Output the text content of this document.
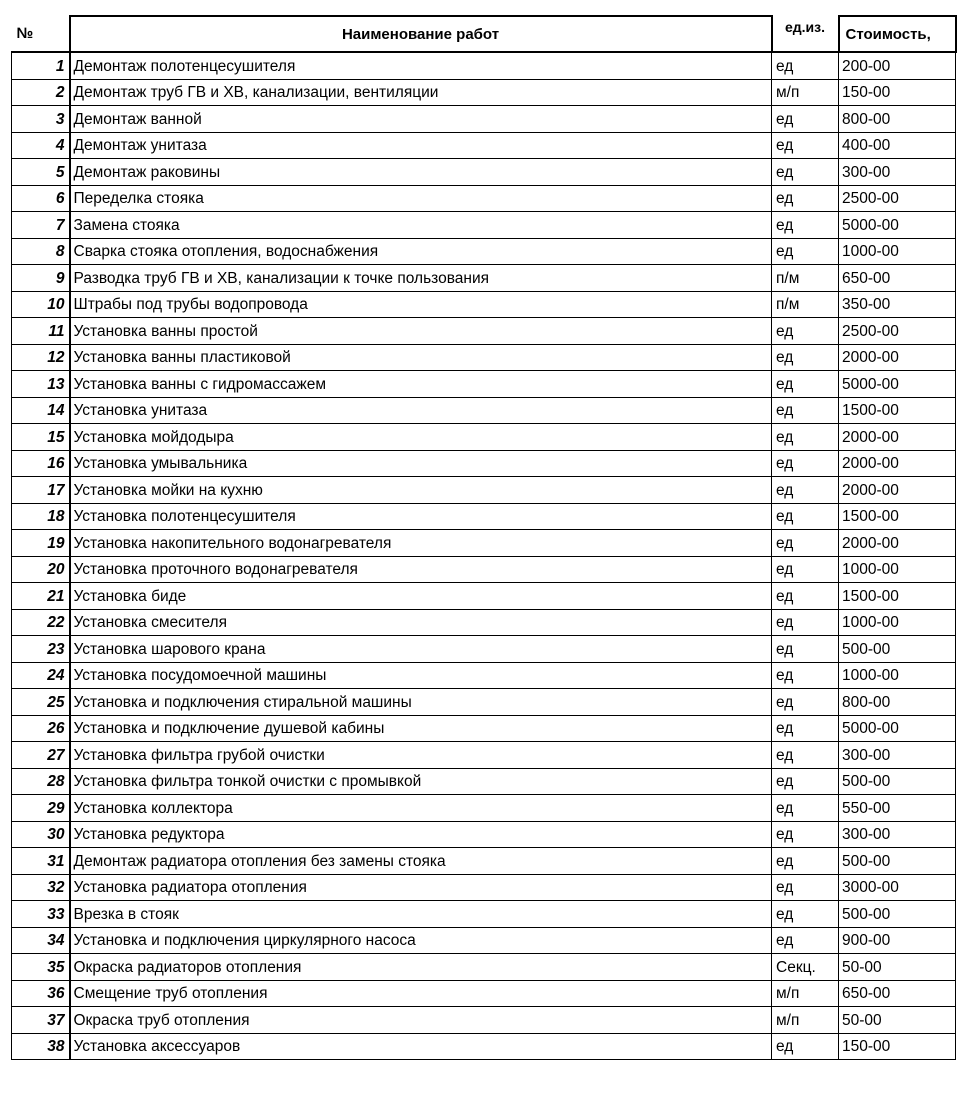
№	Наименование работ	ед.из.	Стоимость,
1	Демонтаж полотенцесушителя	ед	200-00
2	Демонтаж труб ГВ и ХВ, канализации, вентиляции	м/п	150-00
3	Демонтаж ванной	ед	800-00
4	Демонтаж унитаза	ед	400-00
5	Демонтаж раковины	ед	300-00
6	Переделка стояка	ед	2500-00
7	Замена стояка	ед	5000-00
8	Сварка стояка отопления, водоснабжения	ед	1000-00
9	Разводка труб ГВ и ХВ, канализации к точке пользования	п/м	650-00
10	Штрабы под трубы водопровода	п/м	350-00
11	Установка ванны простой	ед	2500-00
12	Установка ванны пластиковой	ед	2000-00
13	Установка ванны с гидромассажем	ед	5000-00
14	Установка унитаза	ед	1500-00
15	Установка мойдодыра	ед	2000-00
16	Установка умывальника	ед	2000-00
17	Установка мойки на кухню	ед	2000-00
18	Установка полотенцесушителя	ед	1500-00
19	Установка накопительного водонагревателя	ед	2000-00
20	Установка проточного водонагревателя	ед	1000-00
21	Установка биде	ед	1500-00
22	Установка смесителя	ед	1000-00
23	Установка шарового крана	ед	500-00
24	Установка посудомоечной машины	ед	1000-00
25	Установка и подключения стиральной машины	ед	800-00
26	Установка и подключение душевой кабины	ед	5000-00
27	Установка фильтра грубой очистки	ед	300-00
28	Установка фильтра тонкой очистки с промывкой	ед	500-00
29	Установка коллектора	ед	550-00
30	Установка редуктора	ед	300-00
31	Демонтаж радиатора отопления без замены стояка	ед	500-00
32	Установка радиатора отопления	ед	3000-00
33	Врезка в стояк	ед	500-00
34	Установка и подключения циркулярного насоса	ед	900-00
35	Окраска радиаторов отопления	Секц.	50-00
36	Смещение труб отопления	м/п	650-00
37	Окраска труб отопления	м/п	50-00
38	Установка аксессуаров	ед	150-00
